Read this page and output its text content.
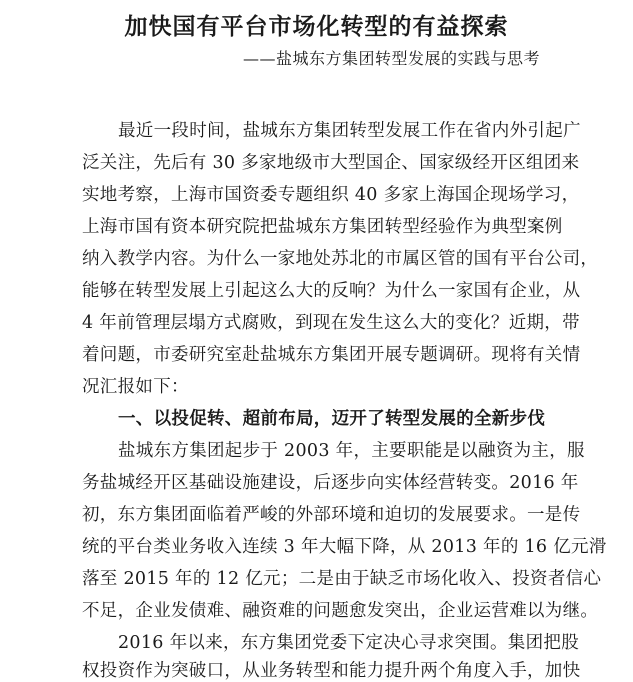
加快国有平台市场化转型的有益探索
——盐城东方集团转型发展的实践与思考
最近一段时间，盐城东方集团转型发展工作在省内外引起广
泛关注，先后有 30 多家地级市大型国企、国家级经开区组团来
实地考察，上海市国资委专题组织 40 多家上海国企现场学习，
上海市国有资本研究院把盐城东方集团转型经验作为典型案例
纳入教学内容。为什么一家地处苏北的市属区管的国有平台公司，
能够在转型发展上引起这么大的反响？为什么一家国有企业，从
4 年前管理层塌方式腐败，到现在发生这么大的变化？近期，带
着问题，市委研究室赴盐城东方集团开展专题调研。现将有关情
况汇报如下：
一、以投促转、超前布局，迈开了转型发展的全新步伐
盐城东方集团起步于 2003 年，主要职能是以融资为主，服
务盐城经开区基础设施建设，后逐步向实体经营转变。2016 年
初，东方集团面临着严峻的外部环境和迫切的发展要求。一是传
统的平台类业务收入连续 3 年大幅下降，从 2013 年的 16 亿元滑
落至 2015 年的 12 亿元；二是由于缺乏市场化收入、投资者信心
不足，企业发债难、融资难的问题愈发突出，企业运营难以为继。
2016 年以来，东方集团党委下定决心寻求突围。集团把股
权投资作为突破口，从业务转型和能力提升两个角度入手，加快
